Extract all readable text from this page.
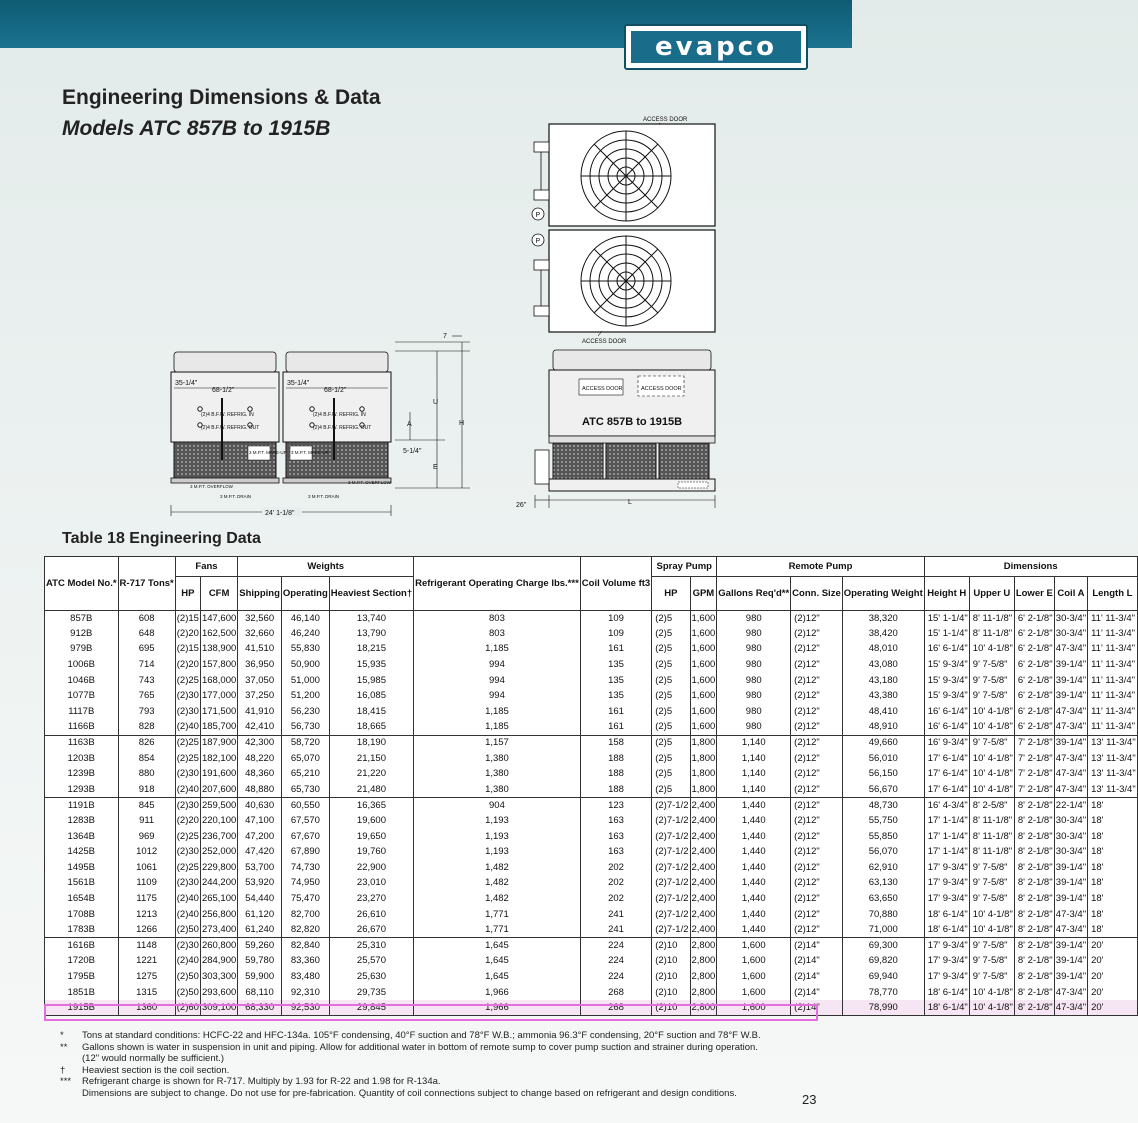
evapco
Engineering Dimensions & Data
Models ATC 857B to 1915B	ACCESS DOOR
P
P
ACCESS DOOR
35-1/4"
68-1/2"
35-1/4"
68-1/2"
(2)4 B.F.W. REFRIG. IN
(2)4 B.F.W. REFRIG. OUT
(2)4 B.F.W. REFRIG. IN
(2)4 B.F.W. REFRIG. OUT
3 M.P.T. MAKE-UP 3 M.P.T. MAKE-UP
3 M.P.T. OVERFLOW
3 M.P.T. OVERFLOW
3 M.P.T. DRAIN	3 M.P.T. DRAIN
24' 1-1/8"
7
U
H
A
E
5-1/4"
ACCESS DOOR	ACCESS DOOR
ATC 857B to 1915B
26"	L
Table 18 Engineering Data
ATC Model No.*	R-717 Tons*	Fans		Weights			Refrigerant Operating Charge lbs.***	Coil Volume ft3	Spray Pump		Remote Pump			Dimensions				
		HP	CFM	Shipping	Operating	Heaviest Section†			HP	GPM	Gallons Req'd**	Conn. Size	Operating Weight	Height H	Upper U	Lower E	Coil A	Length L
857B	608	(2)15	147,600	32,560	46,140	13,740	803	109	(2)5	1,600	980	(2)12"	38,320	15' 1-1/4"	8' 11-1/8"	6' 2-1/8"	30-3/4"	11' 11-3/4"
912B	648	(2)20	162,500	32,660	46,240	13,790	803	109	(2)5	1,600	980	(2)12"	38,420	15' 1-1/4"	8' 11-1/8"	6' 2-1/8"	30-3/4"	11' 11-3/4"
979B	695	(2)15	138,900	41,510	55,830	18,215	1,185	161	(2)5	1,600	980	(2)12"	48,010	16' 6-1/4"	10' 4-1/8"	6' 2-1/8"	47-3/4"	11' 11-3/4"
1006B	714	(2)20	157,800	36,950	50,900	15,935	994	135	(2)5	1,600	980	(2)12"	43,080	15' 9-3/4"	9' 7-5/8"	6' 2-1/8"	39-1/4"	11' 11-3/4"
1046B	743	(2)25	168,000	37,050	51,000	15,985	994	135	(2)5	1,600	980	(2)12"	43,180	15' 9-3/4"	9' 7-5/8"	6' 2-1/8"	39-1/4"	11' 11-3/4"
1077B	765	(2)30	177,000	37,250	51,200	16,085	994	135	(2)5	1,600	980	(2)12"	43,380	15' 9-3/4"	9' 7-5/8"	6' 2-1/8"	39-1/4"	11' 11-3/4"
1117B	793	(2)30	171,500	41,910	56,230	18,415	1,185	161	(2)5	1,600	980	(2)12"	48,410	16' 6-1/4"	10' 4-1/8"	6' 2-1/8"	47-3/4"	11' 11-3/4"
1166B	828	(2)40	185,700	42,410	56,730	18,665	1,185	161	(2)5	1,600	980	(2)12"	48,910	16' 6-1/4"	10' 4-1/8"	6' 2-1/8"	47-3/4"	11' 11-3/4"
1163B	826	(2)25	187,900	42,300	58,720	18,190	1,157	158	(2)5	1,800	1,140	(2)12"	49,660	16' 9-3/4"	9' 7-5/8"	7' 2-1/8"	39-1/4"	13' 11-3/4"
1203B	854	(2)25	182,100	48,220	65,070	21,150	1,380	188	(2)5	1,800	1,140	(2)12"	56,010	17' 6-1/4"	10' 4-1/8"	7' 2-1/8"	47-3/4"	13' 11-3/4"
1239B	880	(2)30	191,600	48,360	65,210	21,220	1,380	188	(2)5	1,800	1,140	(2)12"	56,150	17' 6-1/4"	10' 4-1/8"	7' 2-1/8"	47-3/4"	13' 11-3/4"
1293B	918	(2)40	207,600	48,880	65,730	21,480	1,380	188	(2)5	1,800	1,140	(2)12"	56,670	17' 6-1/4"	10' 4-1/8"	7' 2-1/8"	47-3/4"	13' 11-3/4"
1191B	845	(2)30	259,500	40,630	60,550	16,365	904	123	(2)7-1/2	2,400	1,440	(2)12"	48,730	16' 4-3/4"	8' 2-5/8"	8' 2-1/8"	22-1/4"	18'
1283B	911	(2)20	220,100	47,100	67,570	19,600	1,193	163	(2)7-1/2	2,400	1,440	(2)12"	55,750	17' 1-1/4"	8' 11-1/8"	8' 2-1/8"	30-3/4"	18'
1364B	969	(2)25	236,700	47,200	67,670	19,650	1,193	163	(2)7-1/2	2,400	1,440	(2)12"	55,850	17' 1-1/4"	8' 11-1/8"	8' 2-1/8"	30-3/4"	18'
1425B	1012	(2)30	252,000	47,420	67,890	19,760	1,193	163	(2)7-1/2	2,400	1,440	(2)12"	56,070	17' 1-1/4"	8' 11-1/8"	8' 2-1/8"	30-3/4"	18'
1495B	1061	(2)25	229,800	53,700	74,730	22,900	1,482	202	(2)7-1/2	2,400	1,440	(2)12"	62,910	17' 9-3/4"	9' 7-5/8"	8' 2-1/8"	39-1/4"	18'
1561B	1109	(2)30	244,200	53,920	74,950	23,010	1,482	202	(2)7-1/2	2,400	1,440	(2)12"	63,130	17' 9-3/4"	9' 7-5/8"	8' 2-1/8"	39-1/4"	18'
1654B	1175	(2)40	265,100	54,440	75,470	23,270	1,482	202	(2)7-1/2	2,400	1,440	(2)12"	63,650	17' 9-3/4"	9' 7-5/8"	8' 2-1/8"	39-1/4"	18'
1708B	1213	(2)40	256,800	61,120	82,700	26,610	1,771	241	(2)7-1/2	2,400	1,440	(2)12"	70,880	18' 6-1/4"	10' 4-1/8"	8' 2-1/8"	47-3/4"	18'
1783B	1266	(2)50	273,400	61,240	82,820	26,670	1,771	241	(2)7-1/2	2,400	1,440	(2)12"	71,000	18' 6-1/4"	10' 4-1/8"	8' 2-1/8"	47-3/4"	18'
1616B	1148	(2)30	260,800	59,260	82,840	25,310	1,645	224	(2)10	2,800	1,600	(2)14"	69,300	17' 9-3/4"	9' 7-5/8"	8' 2-1/8"	39-1/4"	20'
1720B	1221	(2)40	284,900	59,780	83,360	25,570	1,645	224	(2)10	2,800	1,600	(2)14"	69,820	17' 9-3/4"	9' 7-5/8"	8' 2-1/8"	39-1/4"	20'
1795B	1275	(2)50	303,300	59,900	83,480	25,630	1,645	224	(2)10	2,800	1,600	(2)14"	69,940	17' 9-3/4"	9' 7-5/8"	8' 2-1/8"	39-1/4"	20'
1851B	1315	(2)50	293,600	68,110	92,310	29,735	1,966	268	(2)10	2,800	1,600	(2)14"	78,770	18' 6-1/4"	10' 4-1/8"	8' 2-1/8"	47-3/4"	20'
1915B	1360	(2)60	309,100	68,330	92,530	29,845	1,966	268	(2)10	2,800	1,600	(2)14"	78,990	18' 6-1/4"	10' 4-1/8"	8' 2-1/8"	47-3/4"	20'
*	Tons at standard conditions: HCFC-22 and HFC-134a. 105°F condensing, 40°F suction and 78°F W.B.; ammonia 96.3°F condensing, 20°F suction and 78°F W.B.
**	Gallons shown is water in suspension in unit and piping. Allow for additional water in bottom of remote sump to cover pump suction and strainer during operation.
(12" would normally be sufficient.)
†	Heaviest section is the coil section.
***	Refrigerant charge is shown for R-717. Multiply by 1.93 for R-22 and 1.98 for R-134a.
Dimensions are subject to change. Do not use for pre-fabrication. Quantity of coil connections subject to change based on refrigerant and design conditions.	23
